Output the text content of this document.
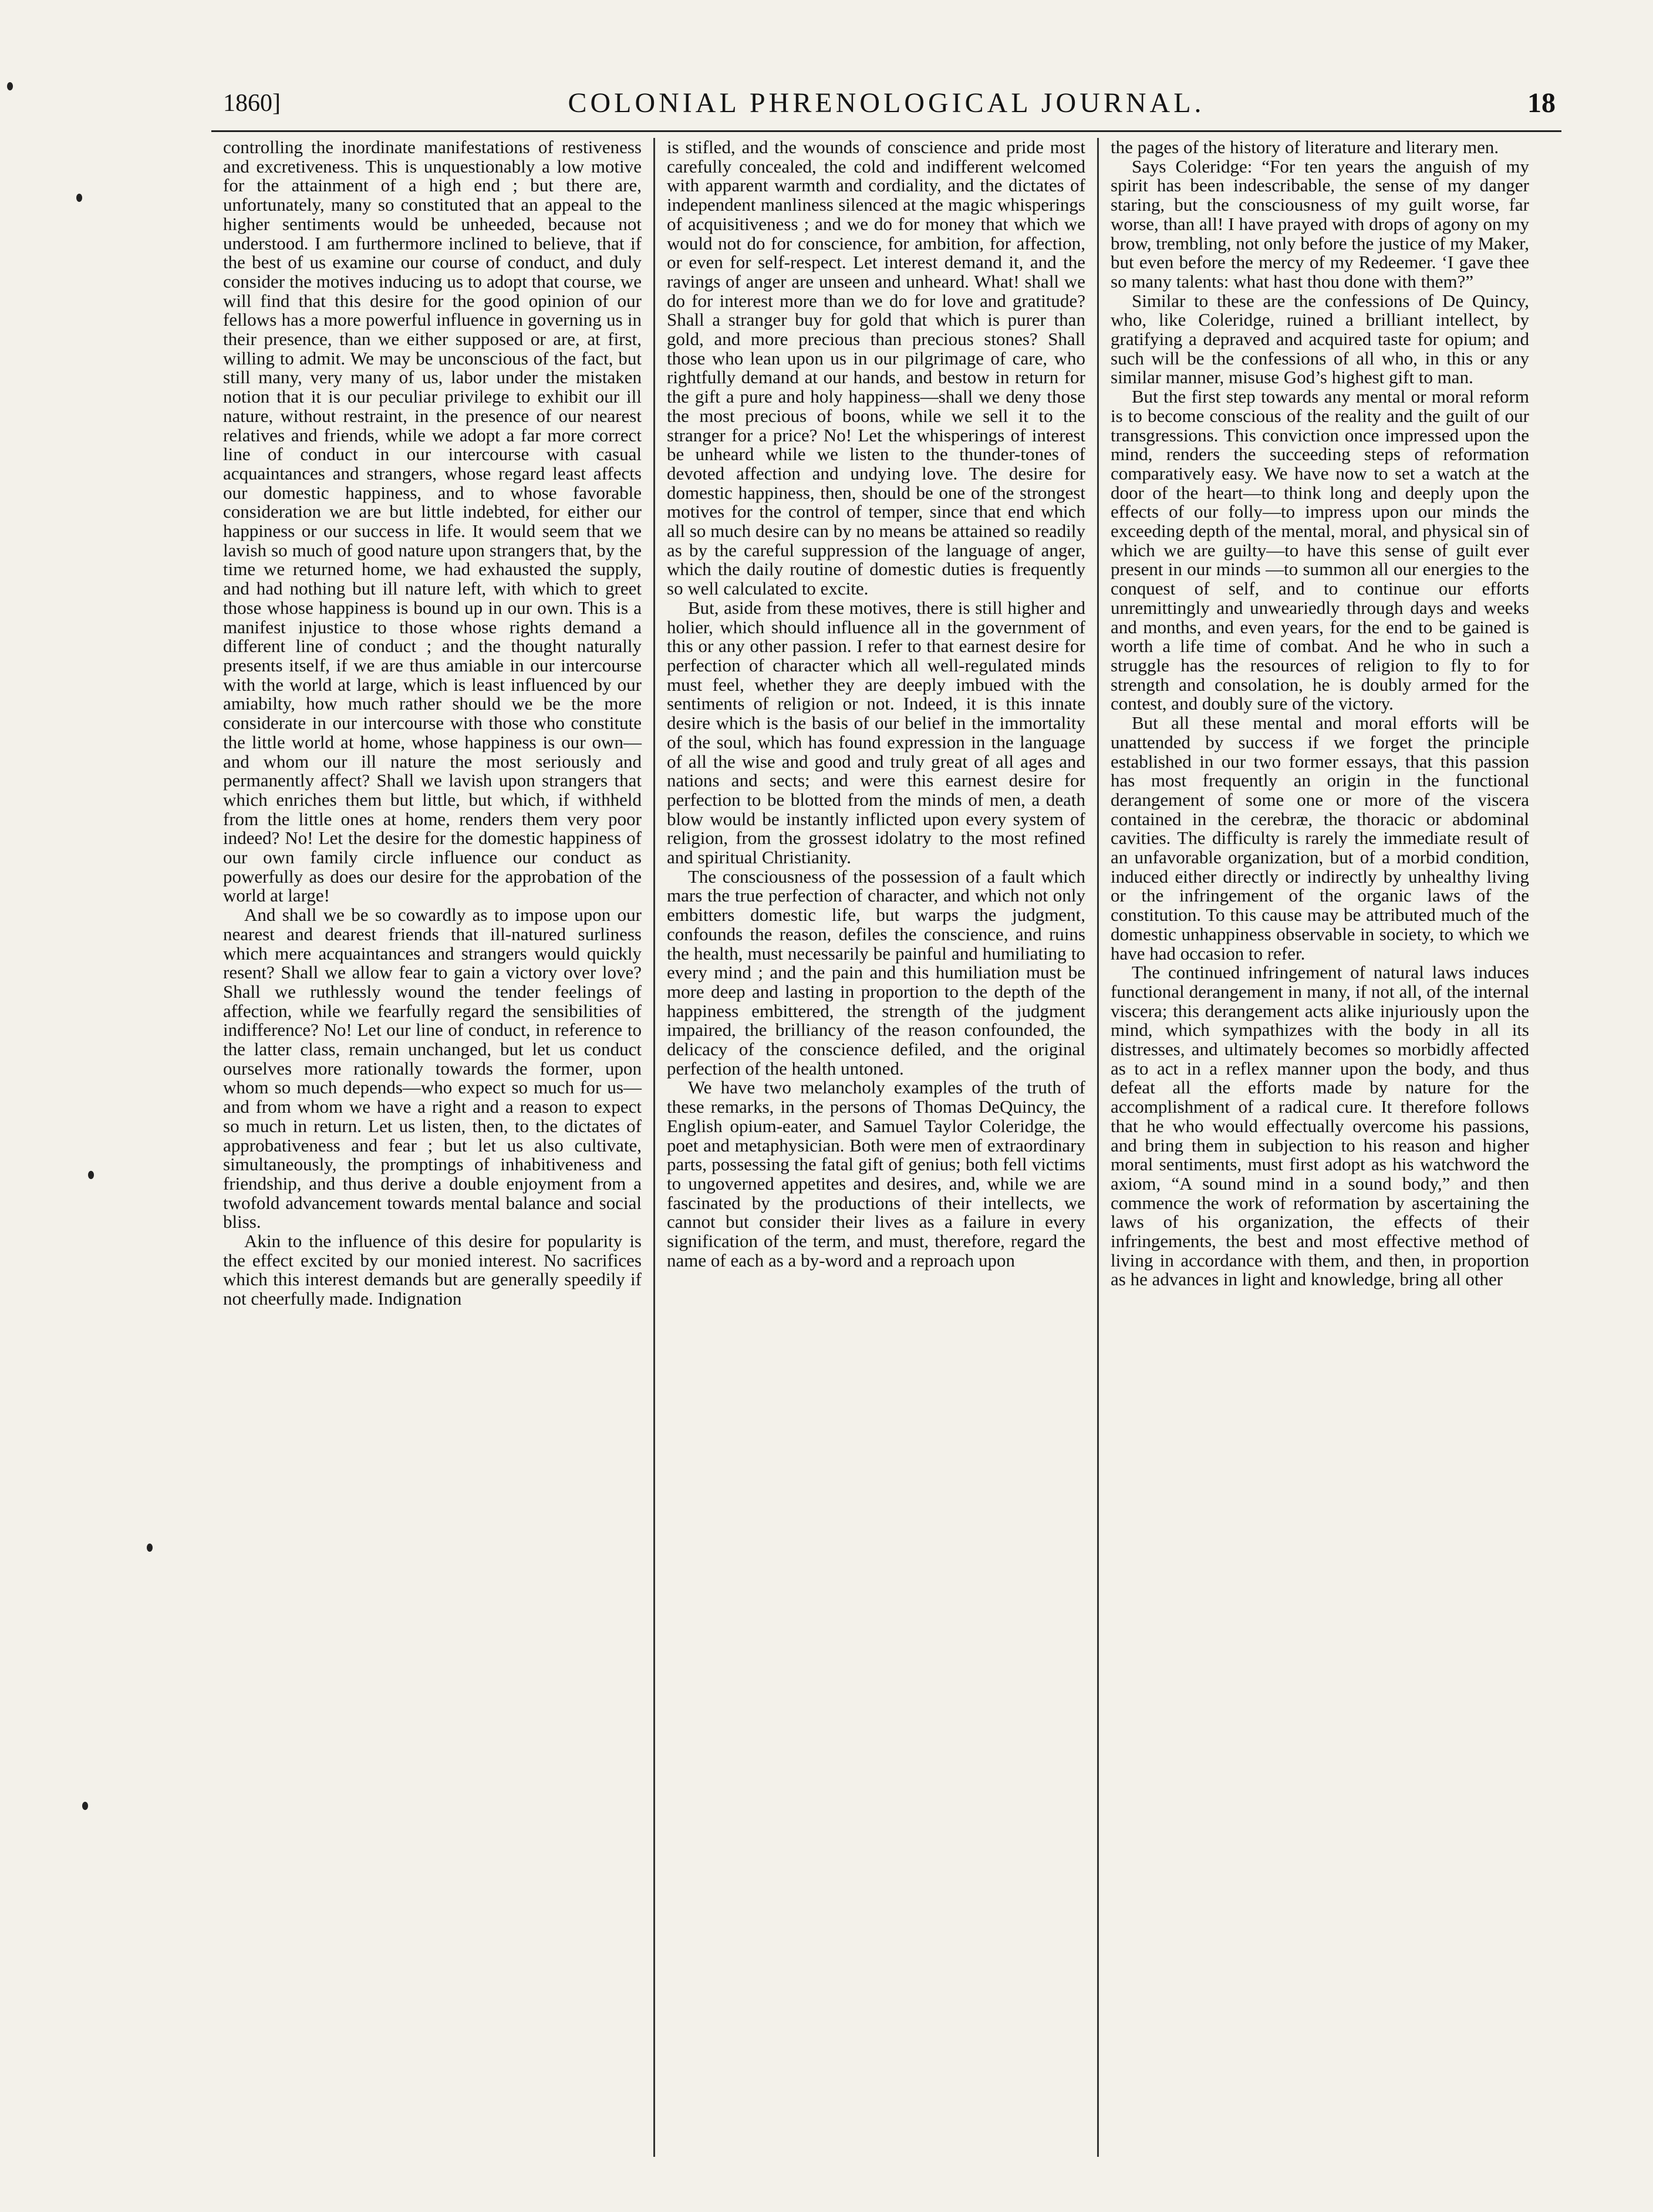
1860]	COLONIAL PHRENOLOGICAL JOURNAL.	18

controlling the inordinate manifestations of restiveness and excretiveness. This is unquestionably a low motive for the attainment of a high end ; but there are, unfortunately, many so constituted that an appeal to the higher sentiments would be unheeded, because not understood. I am furthermore inclined to believe, that if the best of us examine our course of conduct, and duly consider the motives inducing us to adopt that course, we will find that this desire for the good opinion of our fellows has a more powerful influence in governing us in their presence, than we either supposed or are, at first, willing to admit. We may be unconscious of the fact, but still many, very many of us, labor under the mistaken notion that it is our peculiar privilege to exhibit our ill nature, without restraint, in the presence of our nearest relatives and friends, while we adopt a far more correct line of conduct in our intercourse with casual acquaintances and strangers, whose regard least affects our domestic happiness, and to whose favorable consideration we are but little indebted, for either our happiness or our success in life. It would seem that we lavish so much of good nature upon strangers that, by the time we returned home, we had exhausted the supply, and had nothing but ill nature left, with which to greet those whose happiness is bound up in our own. This is a manifest injustice to those whose rights demand a different line of conduct ; and the thought naturally presents itself, if we are thus amiable in our intercourse with the world at large, which is least influenced by our amiabilty, how much rather should we be the more considerate in our intercourse with those who constitute the little world at home, whose happiness is our own—and whom our ill nature the most seriously and permanently affect? Shall we lavish upon strangers that which enriches them but little, but which, if withheld from the little ones at home, renders them very poor indeed? No! Let the desire for the domestic happiness of our own family circle influence our conduct as powerfully as does our desire for the approbation of the world at large!

And shall we be so cowardly as to impose upon our nearest and dearest friends that ill-natured surliness which mere acquaintances and strangers would quickly resent? Shall we allow fear to gain a victory over love? Shall we ruthlessly wound the tender feelings of affection, while we fearfully regard the sensibilities of indifference? No! Let our line of conduct, in reference to the latter class, remain unchanged, but let us conduct ourselves more rationally towards the former, upon whom so much depends—who expect so much for us—and from whom we have a right and a reason to expect so much in return. Let us listen, then, to the dictates of approbativeness and fear ; but let us also cultivate, simultaneously, the promptings of inhabitiveness and friendship, and thus derive a double enjoyment from a twofold advancement towards mental balance and social bliss.

Akin to the influence of this desire for popularity is the effect excited by our monied interest. No sacrifices which this interest demands but are generally speedily if not cheerfully made. Indignation

is stifled, and the wounds of conscience and pride most carefully concealed, the cold and indifferent welcomed with apparent warmth and cordiality, and the dictates of independent manliness silenced at the magic whisperings of acquisitiveness ; and we do for money that which we would not do for conscience, for ambition, for affection, or even for self-respect. Let interest demand it, and the ravings of anger are unseen and unheard. What! shall we do for interest more than we do for love and gratitude? Shall a stranger buy for gold that which is purer than gold, and more precious than precious stones? Shall those who lean upon us in our pilgrimage of care, who rightfully demand at our hands, and bestow in return for the gift a pure and holy happiness—shall we deny those the most precious of boons, while we sell it to the stranger for a price? No! Let the whisperings of interest be unheard while we listen to the thunder-tones of devoted affection and undying love. The desire for domestic happiness, then, should be one of the strongest motives for the control of temper, since that end which all so much desire can by no means be attained so readily as by the careful suppression of the language of anger, which the daily routine of domestic duties is frequently so well calculated to excite.

But, aside from these motives, there is still higher and holier, which should influence all in the government of this or any other passion. I refer to that earnest desire for perfection of character which all well-regulated minds must feel, whether they are deeply imbued with the sentiments of religion or not. Indeed, it is this innate desire which is the basis of our belief in the immortality of the soul, which has found expression in the language of all the wise and good and truly great of all ages and nations and sects; and were this earnest desire for perfection to be blotted from the minds of men, a death blow would be instantly inflicted upon every system of religion, from the grossest idolatry to the most refined and spiritual Christianity.

The consciousness of the possession of a fault which mars the true perfection of character, and which not only embitters domestic life, but warps the judgment, confounds the reason, defiles the conscience, and ruins the health, must necessarily be painful and humiliating to every mind ; and the pain and this humiliation must be more deep and lasting in proportion to the depth of the happiness embittered, the strength of the judgment impaired, the brilliancy of the reason confounded, the delicacy of the conscience defiled, and the original perfection of the health untoned.

We have two melancholy examples of the truth of these remarks, in the persons of Thomas DeQuincy, the English opium-eater, and Samuel Taylor Coleridge, the poet and metaphysician. Both were men of extraordinary parts, possessing the fatal gift of genius; both fell victims to ungoverned appetites and desires, and, while we are fascinated by the productions of their intellects, we cannot but consider their lives as a failure in every signification of the term, and must, therefore, regard the name of each as a by-word and a reproach upon

the pages of the history of literature and literary men.

Says Coleridge: “For ten years the anguish of my spirit has been indescribable, the sense of my danger staring, but the consciousness of my guilt worse, far worse, than all! I have prayed with drops of agony on my brow, trembling, not only before the justice of my Maker, but even before the mercy of my Redeemer. ‘I gave thee so many talents: what hast thou done with them?”

Similar to these are the confessions of De Quincy, who, like Coleridge, ruined a brilliant intellect, by gratifying a depraved and acquired taste for opium; and such will be the confessions of all who, in this or any similar manner, misuse God’s highest gift to man.

But the first step towards any mental or moral reform is to become conscious of the reality and the guilt of our transgressions. This conviction once impressed upon the mind, renders the succeeding steps of reformation comparatively easy. We have now to set a watch at the door of the heart—to think long and deeply upon the effects of our folly—to impress upon our minds the exceeding depth of the mental, moral, and physical sin of which we are guilty—to have this sense of guilt ever present in our minds —to summon all our energies to the conquest of self, and to continue our efforts unremittingly and unweariedly through days and weeks and months, and even years, for the end to be gained is worth a life time of combat. And he who in such a struggle has the resources of religion to fly to for strength and consolation, he is doubly armed for the contest, and doubly sure of the victory.

But all these mental and moral efforts will be unattended by success if we forget the principle established in our two former essays, that this passion has most frequently an origin in the functional derangement of some one or more of the viscera contained in the cerebræ, the thoracic or abdominal cavities. The difficulty is rarely the immediate result of an unfavorable organization, but of a morbid condition, induced either directly or indirectly by unhealthy living or the infringement of the organic laws of the constitution. To this cause may be attributed much of the domestic unhappiness observable in society, to which we have had occasion to refer.

The continued infringement of natural laws induces functional derangement in many, if not all, of the internal viscera; this derangement acts alike injuriously upon the mind, which sympathizes with the body in all its distresses, and ultimately becomes so morbidly affected as to act in a reflex manner upon the body, and thus defeat all the efforts made by nature for the accomplishment of a radical cure. It therefore follows that he who would effectually overcome his passions, and bring them in subjection to his reason and higher moral sentiments, must first adopt as his watchword the axiom, “A sound mind in a sound body,” and then commence the work of reformation by ascertaining the laws of his organization, the effects of their infringements, the best and most effective method of living in accordance with them, and then, in proportion as he advances in light and knowledge, bring all other
